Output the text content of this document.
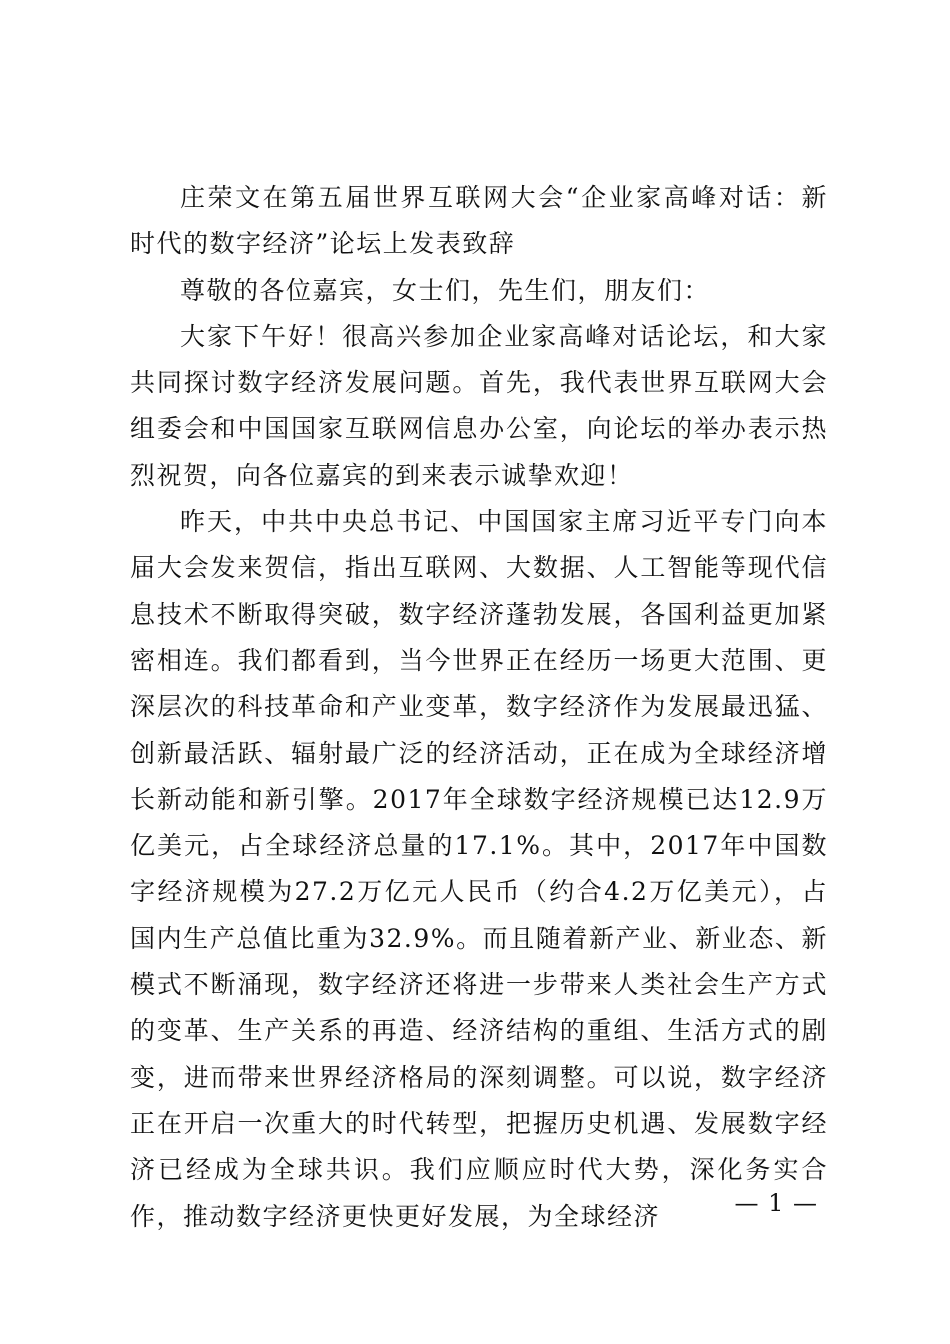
庄荣文在第五届世界互联网大会“企业家高峰对话：新时代的数字经济”论坛上发表致辞

尊敬的各位嘉宾，女士们，先生们，朋友们：

大家下午好！很高兴参加企业家高峰对话论坛，和大家共同探讨数字经济发展问题。首先，我代表世界互联网大会组委会和中国国家互联网信息办公室，向论坛的举办表示热烈祝贺，向各位嘉宾的到来表示诚挚欢迎！

昨天，中共中央总书记、中国国家主席习近平专门向本届大会发来贺信，指出互联网、大数据、人工智能等现代信息技术不断取得突破，数字经济蓬勃发展，各国利益更加紧密相连。我们都看到，当今世界正在经历一场更大范围、更深层次的科技革命和产业变革，数字经济作为发展最迅猛、创新最活跃、辐射最广泛的经济活动，正在成为全球经济增长新动能和新引擎。2017年全球数字经济规模已达12.9万亿美元，占全球经济总量的17.1%。其中，2017年中国数字经济规模为27.2万亿元人民币（约合4.2万亿美元），占国内生产总值比重为32.9%。而且随着新产业、新业态、新模式不断涌现，数字经济还将进一步带来人类社会生产方式的变革、生产关系的再造、经济结构的重组、生活方式的剧变，进而带来世界经济格局的深刻调整。可以说，数字经济正在开启一次重大的时代转型，把握历史机遇、发展数字经济已经成为全球共识。我们应顺应时代大势，深化务实合作，推动数字经济更快更好发展，为全球经济	— 1 —
